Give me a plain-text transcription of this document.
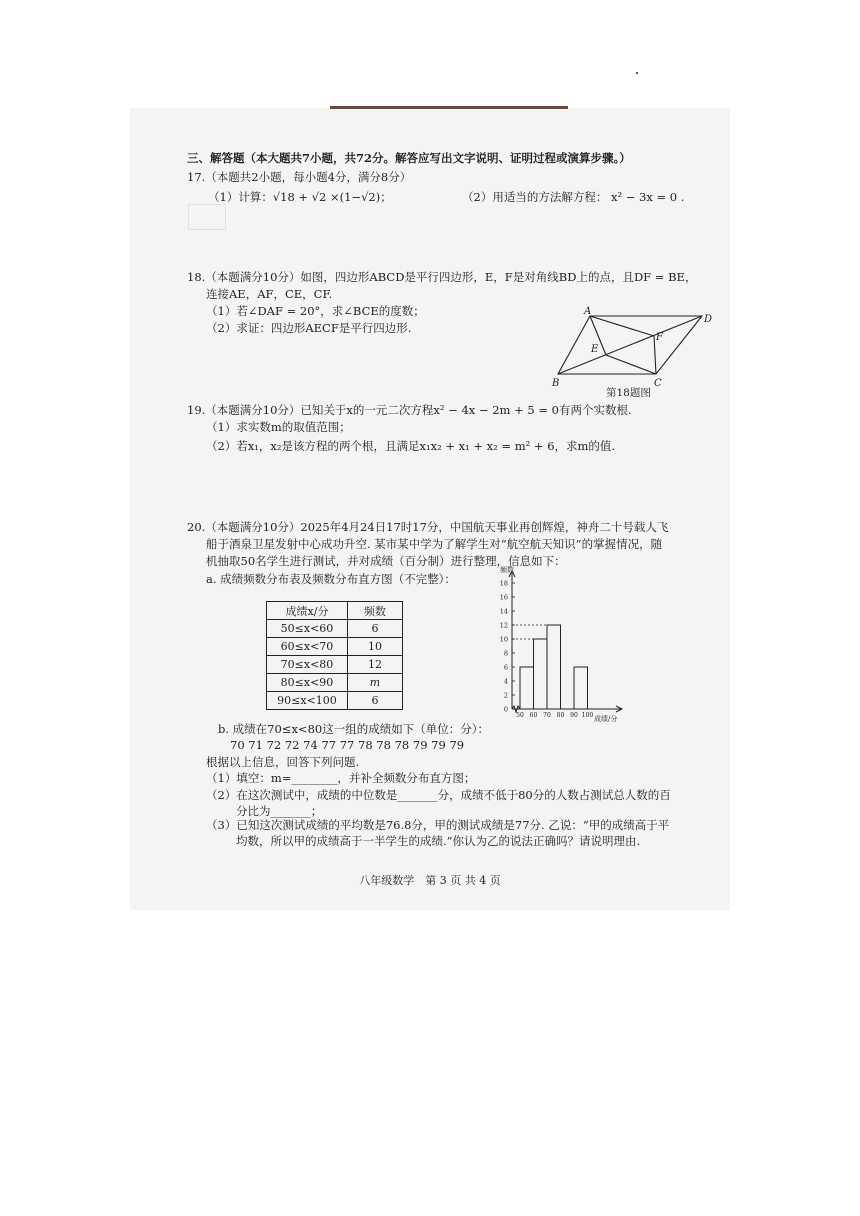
三、解答题（本大题共7小题，共72分。解答应写出文字说明、证明过程或演算步骤。）
17.（本题共2小题，每小题4分，满分8分）
（1）计算：√18 + √2 ×(1−√2)；	（2）用适当的方法解方程： x² − 3x = 0 .
18.（本题满分10分）如图，四边形ABCD是平行四边形，E，F是对角线BD上的点，且DF = BE，
连接AE，AF，CE，CF.
（1）若∠DAF = 20°，求∠BCE的度数；
（2）求证：四边形AECF是平行四边形.
A
D
B	C
E
F
第18题图
19.（本题满分10分）已知关于x的一元二次方程x² − 4x − 2m + 5 = 0有两个实数根.
（1）求实数m的取值范围；
（2）若x₁，x₂是该方程的两个根，且满足x₁x₂ + x₁ + x₂ = m² + 6，求m的值.
20.（本题满分10分）2025年4月24日17时17分，中国航天事业再创辉煌，神舟二十号载人飞
船于酒泉卫星发射中心成功升空. 某市某中学为了解学生对“航空航天知识”的掌握情况，随
机抽取50名学生进行测试，并对成绩（百分制）进行整理，信息如下：
a. 成绩频数分布表及频数分布直方图（不完整）：
成绩x/分	频数
50≤x<60	6
60≤x<70	10
70≤x<80	12
80≤x<90	m
90≤x<100	6
频数
成绩/分
0
2
4
6
8
10
12
14
16
18
50 60 70 80 90 100
b. 成绩在70≤x<80这一组的成绩如下（单位：分）：
70 71 72 72 74 77 77 78 78 78 79 79 79
根据以上信息，回答下列问题.
（1）填空：m=________，并补全频数分布直方图；
（2）在这次测试中，成绩的中位数是_______分，成绩不低于80分的人数占测试总人数的百
分比为_______；
（3）已知这次测试成绩的平均数是76.8分，甲的测试成绩是77分. 乙说：“甲的成绩高于平
均数，所以甲的成绩高于一半学生的成绩.”你认为乙的说法正确吗？请说明理由.
八年级数学　第 3 页 共 4 页
